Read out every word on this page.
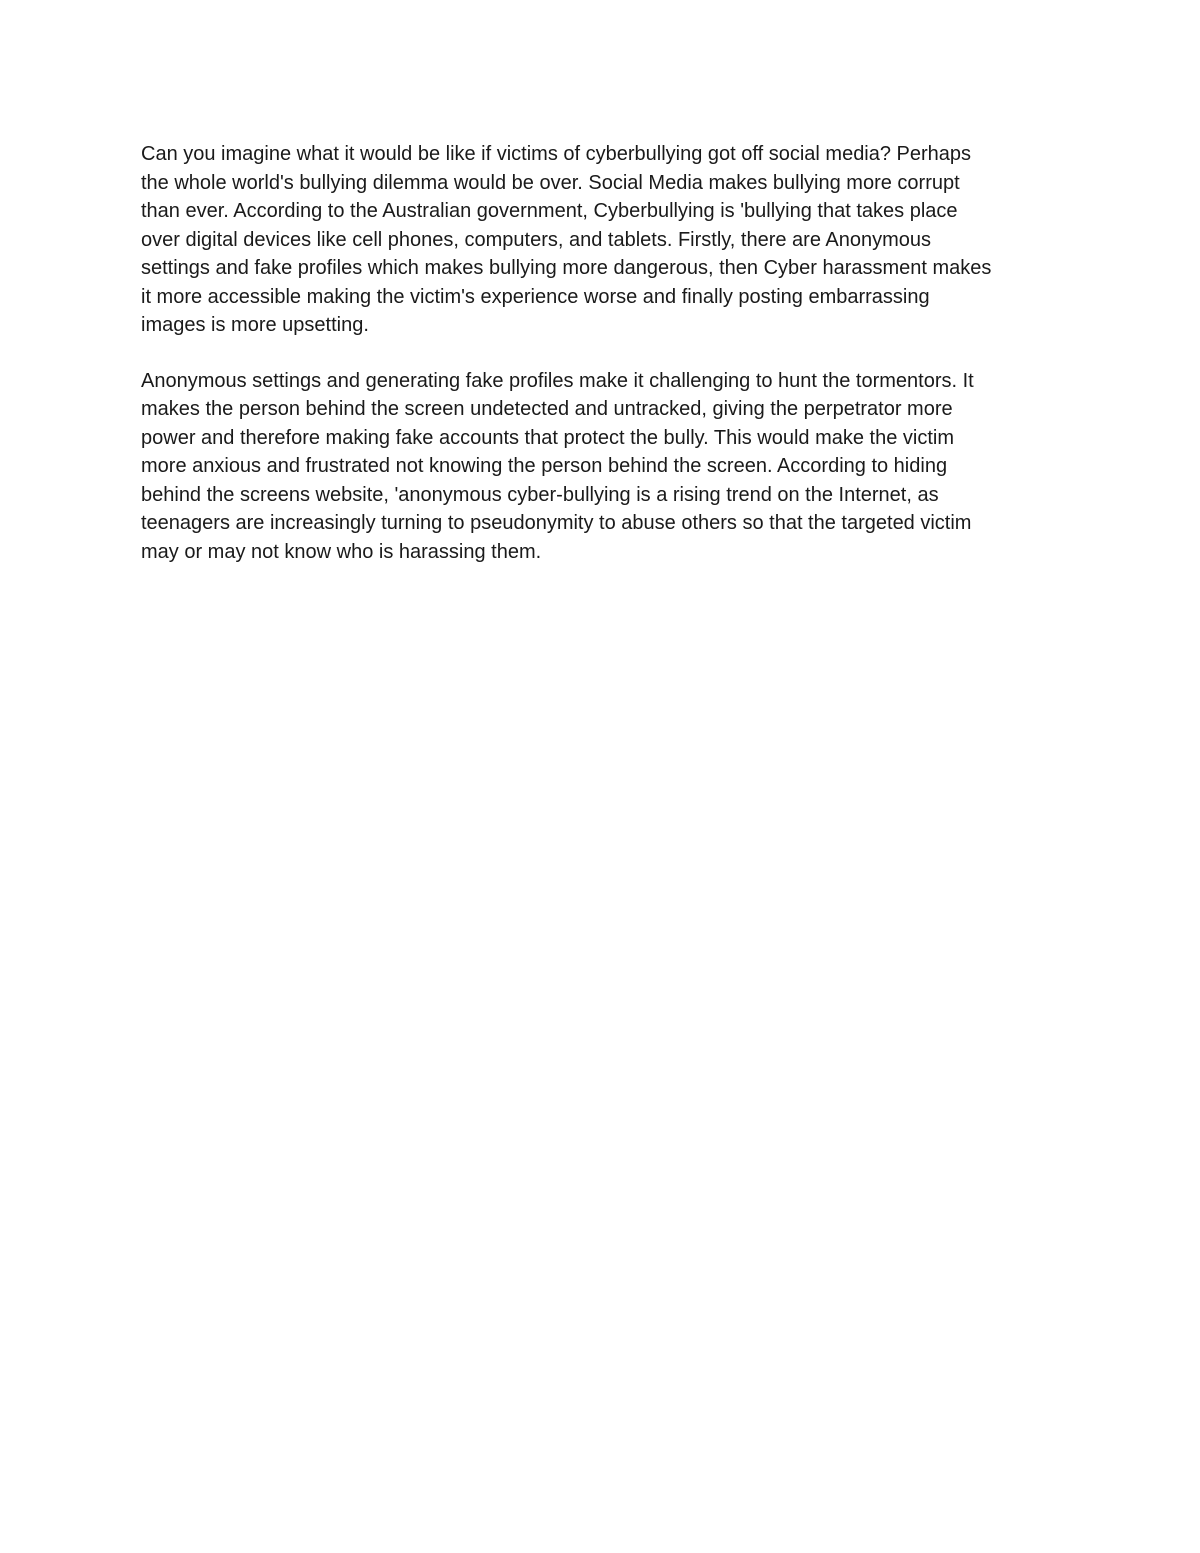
Can you imagine what it would be like if victims of cyberbullying got off social media? Perhaps
the whole world's bullying dilemma would be over. Social Media makes bullying more corrupt
than ever. According to the Australian government, Cyberbullying is 'bullying that takes place
over digital devices like cell phones, computers, and tablets. Firstly, there are Anonymous
settings and fake profiles which makes bullying more dangerous, then Cyber harassment makes
it more accessible making the victim's experience worse and finally posting embarrassing
images is more upsetting.

Anonymous settings and generating fake profiles make it challenging to hunt the tormentors. It
makes the person behind the screen undetected and untracked, giving the perpetrator more
power and therefore making fake accounts that protect the bully. This would make the victim
more anxious and frustrated not knowing the person behind the screen. According to hiding
behind the screens website, 'anonymous cyber-bullying is a rising trend on the Internet, as
teenagers are increasingly turning to pseudonymity to abuse others so that the targeted victim
may or may not know who is harassing them.
